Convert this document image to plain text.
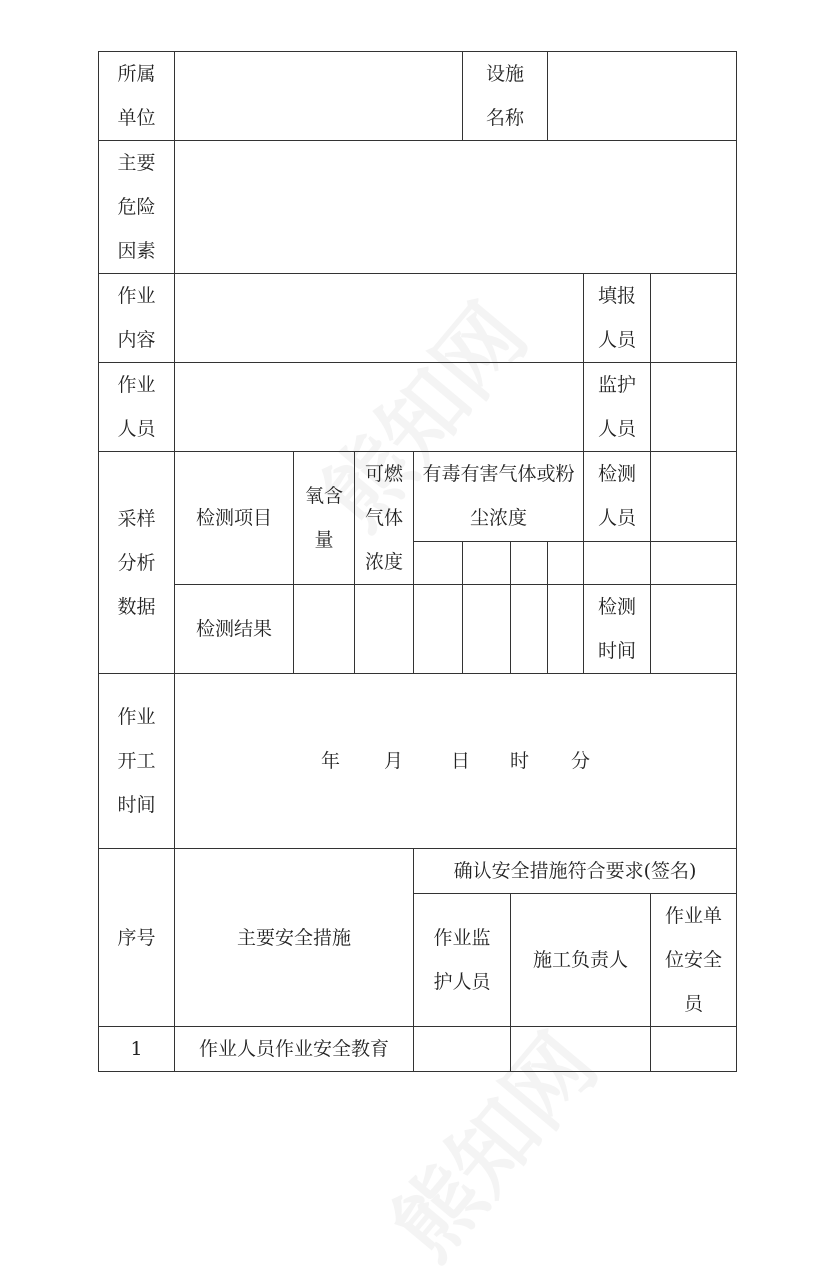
所属单位					设施名称				
主要危险因素									
作业内容								填报人员	
作业人员								监护人员	
采样分析数据	检测项目	氧含量	可燃气体浓度	有毒有害气体或粉尘浓度				检测人员	

	检测结果							检测时间	
作业开工时间	年 月 日 时 分								
序号	主要安全措施			确认安全措施符合要求(签名)					
				作业监护人员		施工负责人			作业单位安全员
1	作业人员作业安全教育								
